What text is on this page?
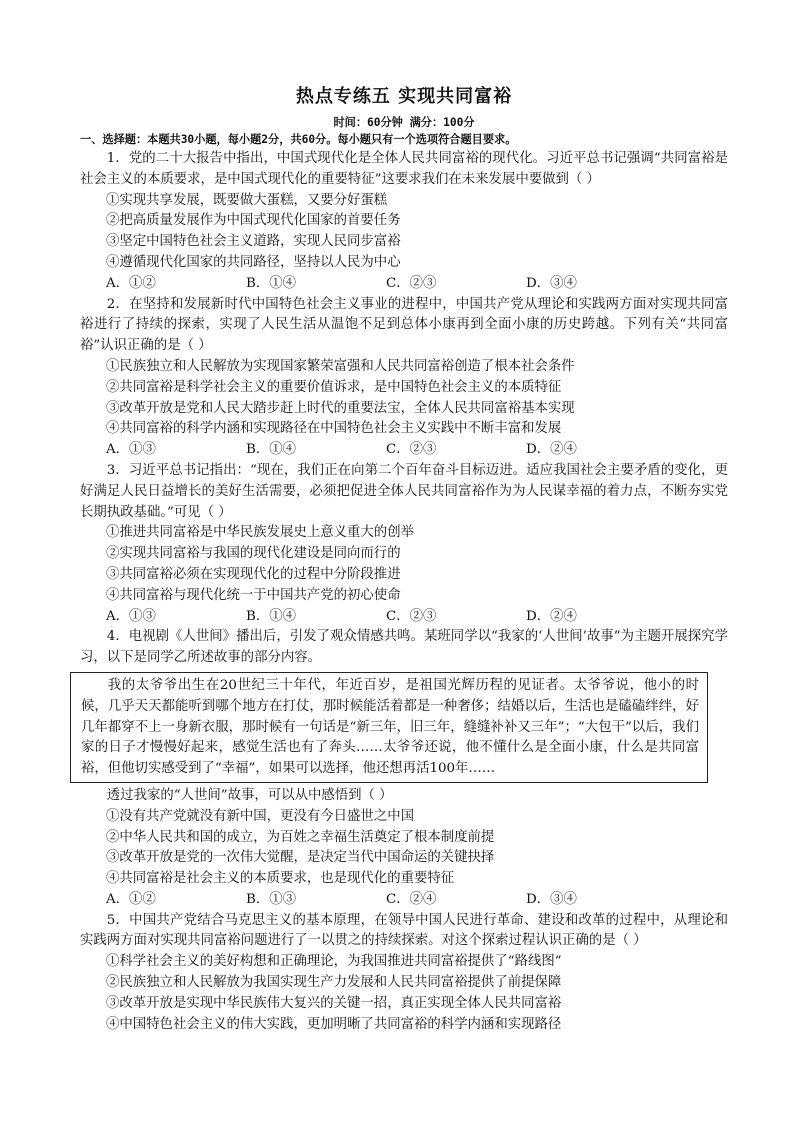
热点专练五 实现共同富裕

时间：60分钟 满分：100分

一、选择题：本题共30小题，每小题2分，共60分。每小题只有一个选项符合题目要求。

1．党的二十大报告中指出，中国式现代化是全体人民共同富裕的现代化。习近平总书记强调“共同富裕是社会主义的本质要求，是中国式现代化的重要特征”这要求我们在未来发展中要做到（ ）

①实现共享发展，既要做大蛋糕，又要分好蛋糕

②把高质量发展作为中国式现代化国家的首要任务

③坚定中国特色社会主义道路，实现人民同步富裕

④遵循现代化国家的共同路径，坚持以人民为中心

A．①②	B．①④	C．②③	D．③④

2．在坚持和发展新时代中国特色社会主义事业的进程中，中国共产党从理论和实践两方面对实现共同富裕进行了持续的探索，实现了人民生活从温饱不足到总体小康再到全面小康的历史跨越。下列有关“共同富裕”认识正确的是（ ）

①民族独立和人民解放为实现国家繁荣富强和人民共同富裕创造了根本社会条件

②共同富裕是科学社会主义的重要价值诉求，是中国特色社会主义的本质特征

③改革开放是党和人民大踏步赶上时代的重要法宝，全体人民共同富裕基本实现

④共同富裕的科学内涵和实现路径在中国特色社会主义实践中不断丰富和发展

A．①③	B．①④	C．②③	D．②④

3．习近平总书记指出：“现在，我们正在向第二个百年奋斗目标迈进。适应我国社会主要矛盾的变化，更好满足人民日益增长的美好生活需要，必须把促进全体人民共同富裕作为为人民谋幸福的着力点，不断夯实党长期执政基础。”可见（ ）

①推进共同富裕是中华民族发展史上意义重大的创举

②实现共同富裕与我国的现代化建设是同向而行的

③共同富裕必须在实现现代化的过程中分阶段推进

④共同富裕与现代化统一于中国共产党的初心使命

A．①③	B．①④	C．②③	D．②④

4．电视剧《人世间》播出后，引发了观众情感共鸣。某班同学以“我家的‘人世间’故事”为主题开展探究学习，以下是同学乙所述故事的部分内容。

我的太爷爷出生在20世纪三十年代，年近百岁，是祖国光辉历程的见证者。太爷爷说，他小的时候，几乎天天都能听到哪个地方在打仗，那时候能活着都是一种奢侈；结婚以后，生活也是磕磕绊绊，好几年都穿不上一身新衣服，那时候有一句话是“新三年，旧三年，缝缝补补又三年”；“大包干”以后，我们家的日子才慢慢好起来，感觉生活也有了奔头……太爷爷还说，他不懂什么是全面小康，什么是共同富裕，但他切实感受到了“幸福”，如果可以选择，他还想再活100年……

透过我家的“人世间”故事，可以从中感悟到（ ）

①没有共产党就没有新中国，更没有今日盛世之中国

②中华人民共和国的成立，为百姓之幸福生活奠定了根本制度前提

③改革开放是党的一次伟大觉醒，是决定当代中国命运的关键抉择

④共同富裕是社会主义的本质要求，也是现代化的重要特征

A．①②	B．①③	C．②④	D．③④

5．中国共产党结合马克思主义的基本原理，在领导中国人民进行革命、建设和改革的过程中，从理论和实践两方面对实现共同富裕问题进行了一以贯之的持续探索。对这个探索过程认识正确的是（ ）

①科学社会主义的美好构想和正确理论，为我国推进共同富裕提供了“路线图”

②民族独立和人民解放为我国实现生产力发展和人民共同富裕提供了前提保障

③改革开放是实现中华民族伟大复兴的关键一招，真正实现全体人民共同富裕

④中国特色社会主义的伟大实践，更加明晰了共同富裕的科学内涵和实现路径
